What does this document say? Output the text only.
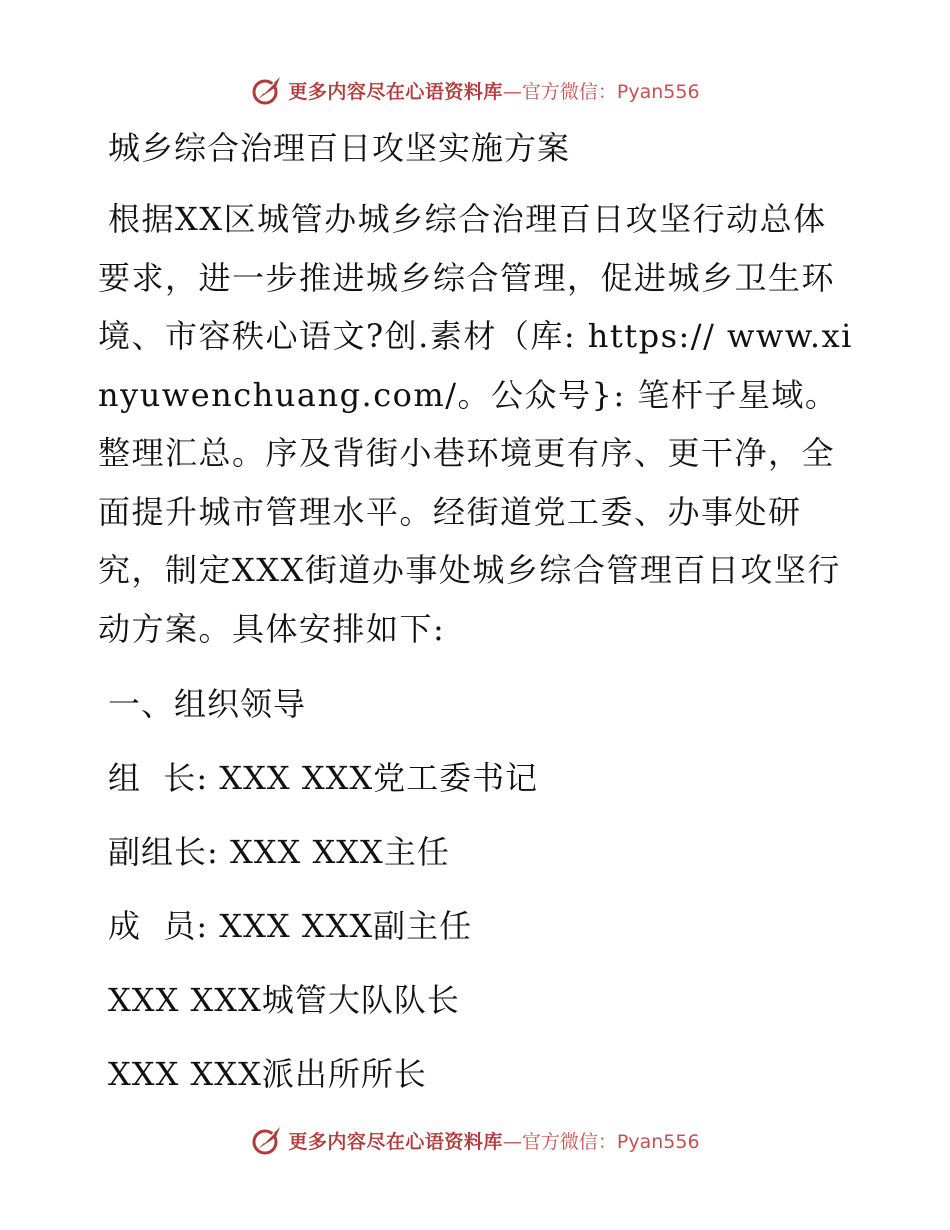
更多内容尽在心语资料库 —官方微信：Pyan556
城乡综合治理百日攻坚实施方案

根据XX区城管办城乡综合治理百日攻坚行动总体要求，进一步推进城乡综合管理，促进城乡卫生环境、市容秩心语文?创.素材（库: https:// www.xinyuwenchuang.com/。公众号}: 笔杆子星域。整理汇总。序及背街小巷环境更有序、更干净，全面提升城市管理水平。经街道党工委、办事处研究，制定XXX街道办事处城乡综合管理百日攻坚行动方案。具体安排如下:

一、组织领导
组  长: XXX XXX党工委书记
副组长: XXX XXX主任
成  员: XXX XXX副主任
XXX XXX城管大队队长
XXX XXX派出所所长
更多内容尽在心语资料库 —官方微信：Pyan556
